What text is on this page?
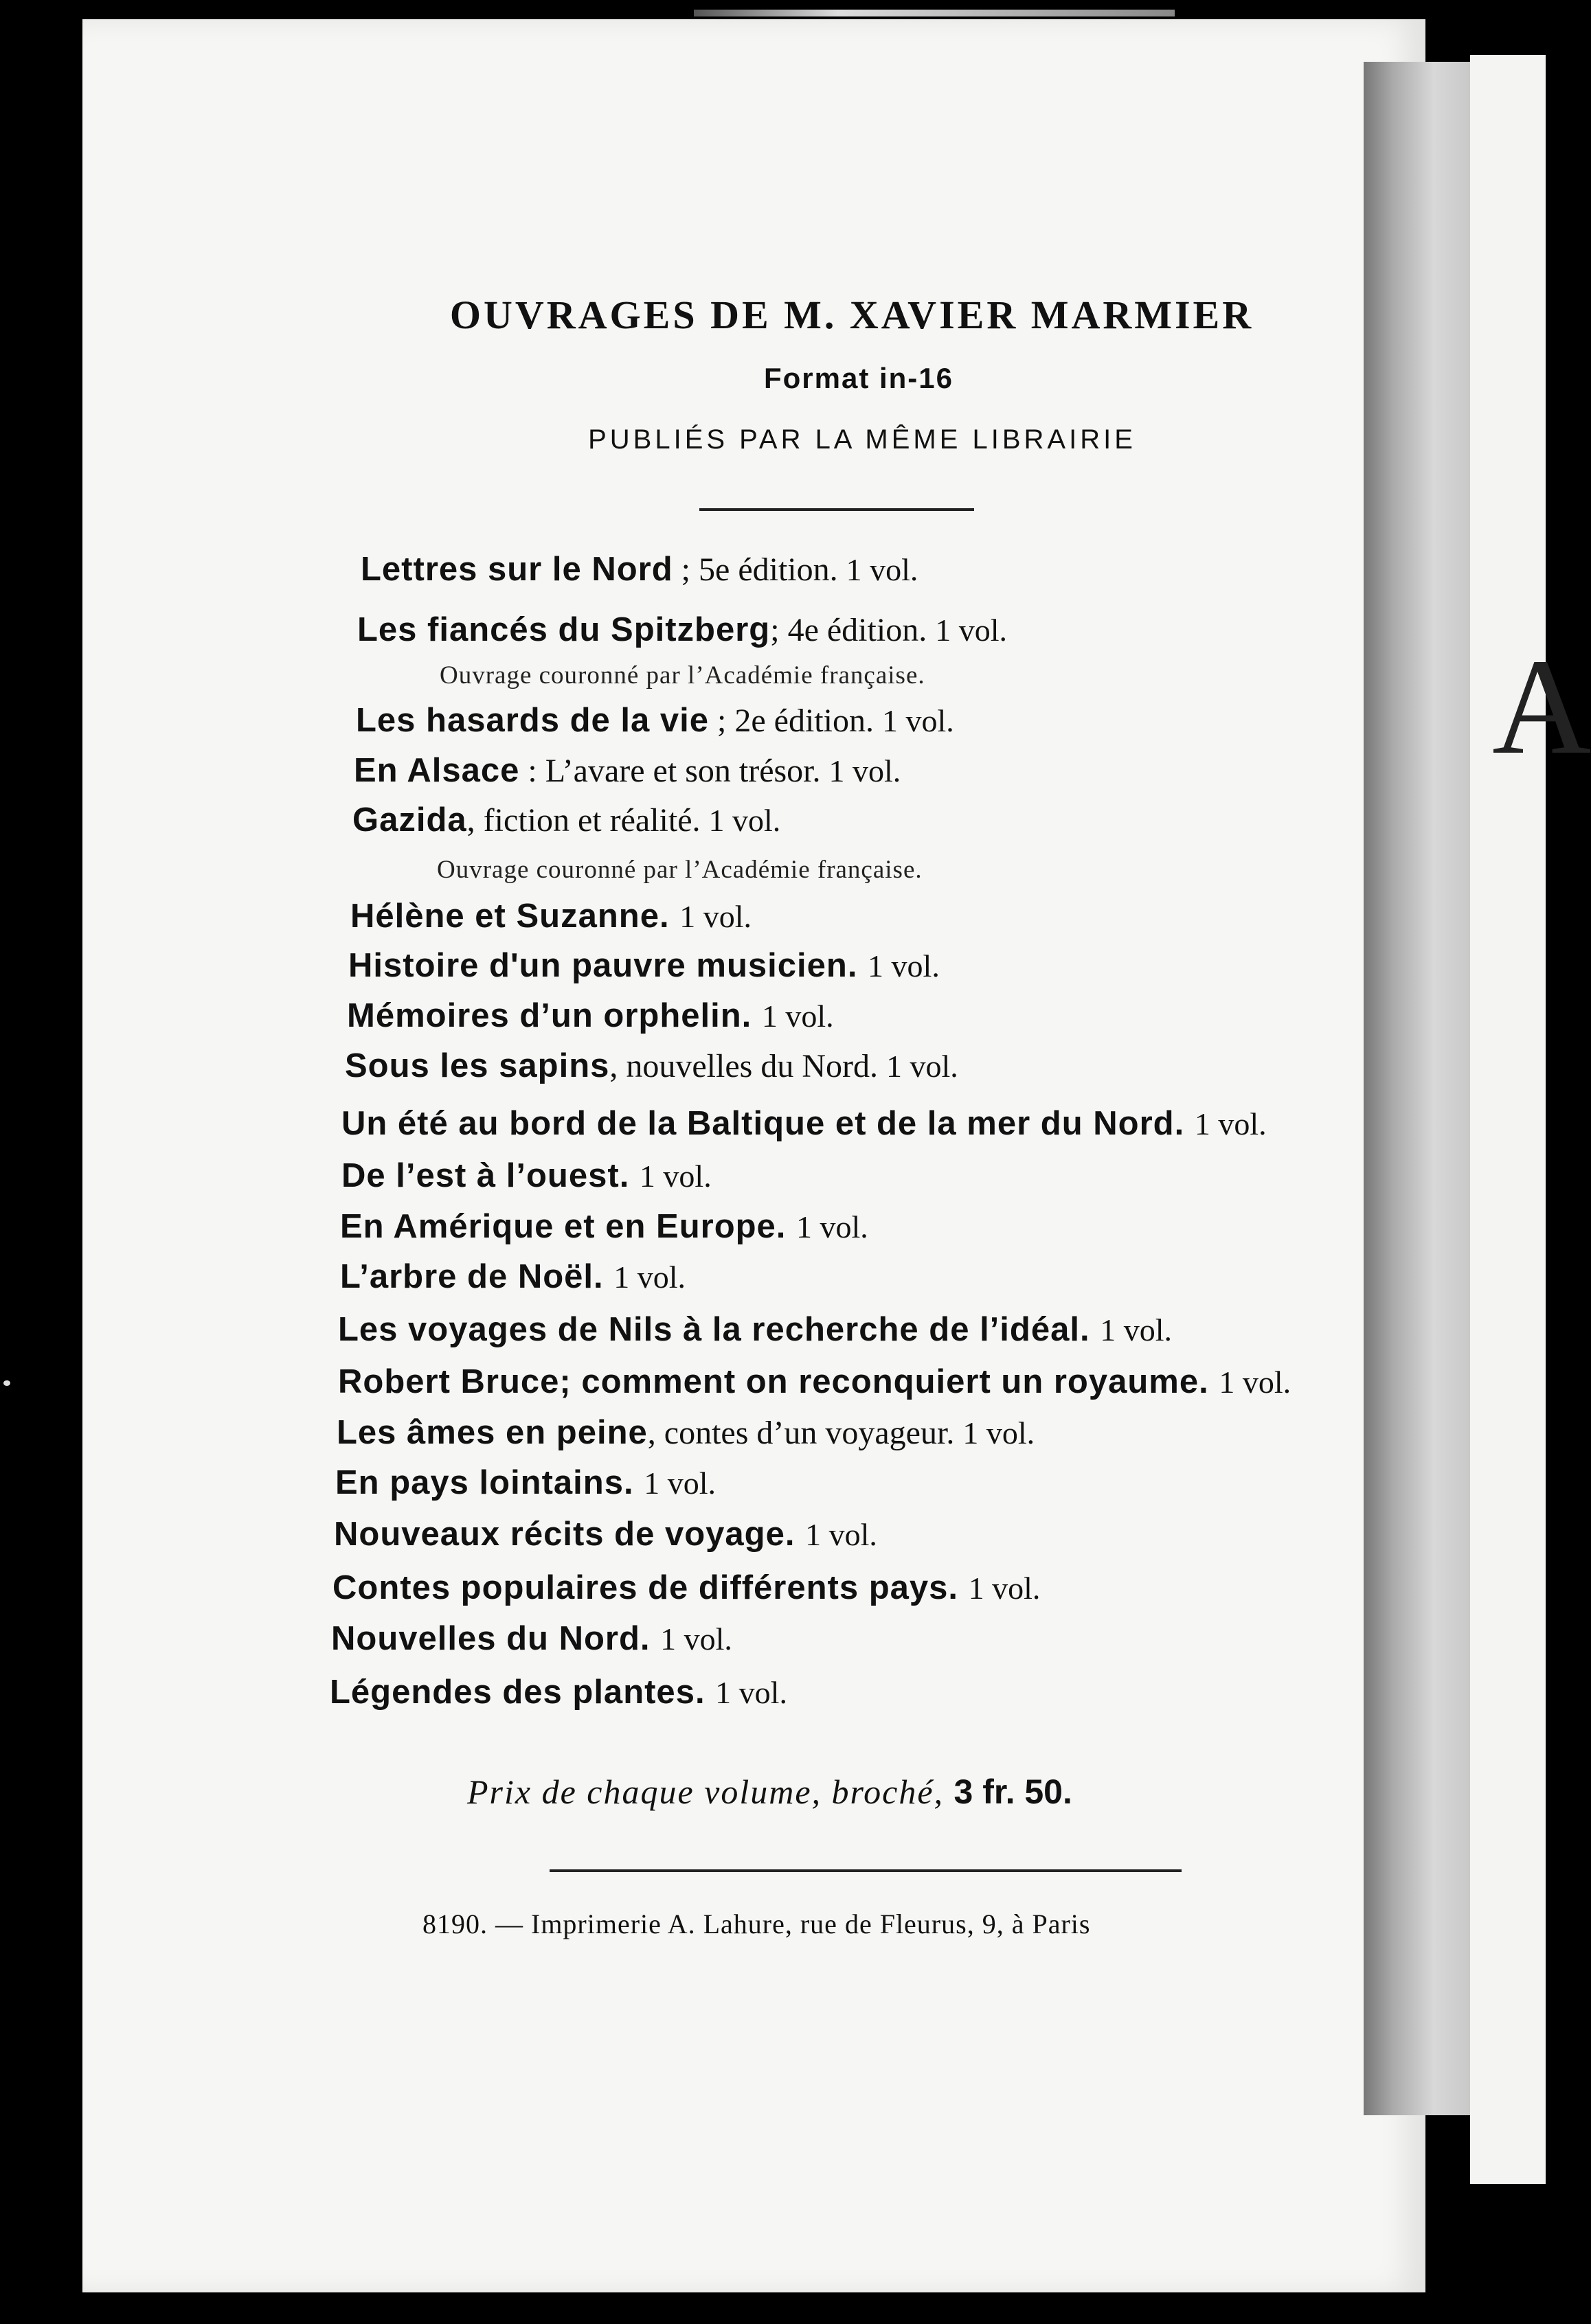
A
OUVRAGES DE M. XAVIER MARMIER
Format in-16
PUBLIÉS PAR LA MÊME LIBRAIRIE
Lettres sur le Nord ; 5e édition. 1 vol.
Les fiancés du Spitzberg; 4e édition. 1 vol.
Ouvrage couronné par l’Académie française.
Les hasards de la vie ; 2e édition. 1 vol.
En Alsace : L’avare et son trésor. 1 vol.
Gazida, fiction et réalité. 1 vol.
Ouvrage couronné par l’Académie française.
Hélène et Suzanne. 1 vol.
Histoire d'un pauvre musicien. 1 vol.
Mémoires d’un orphelin. 1 vol.
Sous les sapins, nouvelles du Nord. 1 vol.
Un été au bord de la Baltique et de la mer du Nord. 1 vol.
De l’est à l’ouest. 1 vol.
En Amérique et en Europe. 1 vol.
L’arbre de Noël. 1 vol.
Les voyages de Nils à la recherche de l’idéal. 1 vol.
Robert Bruce; comment on reconquiert un royaume. 1 vol.
Les âmes en peine, contes d’un voyageur. 1 vol.
En pays lointains. 1 vol.
Nouveaux récits de voyage. 1 vol.
Contes populaires de différents pays. 1 vol.
Nouvelles du Nord. 1 vol.
Légendes des plantes. 1 vol.
Prix de chaque volume, broché, 3 fr. 50.
8190. — Imprimerie A. Lahure, rue de Fleurus, 9, à Paris
